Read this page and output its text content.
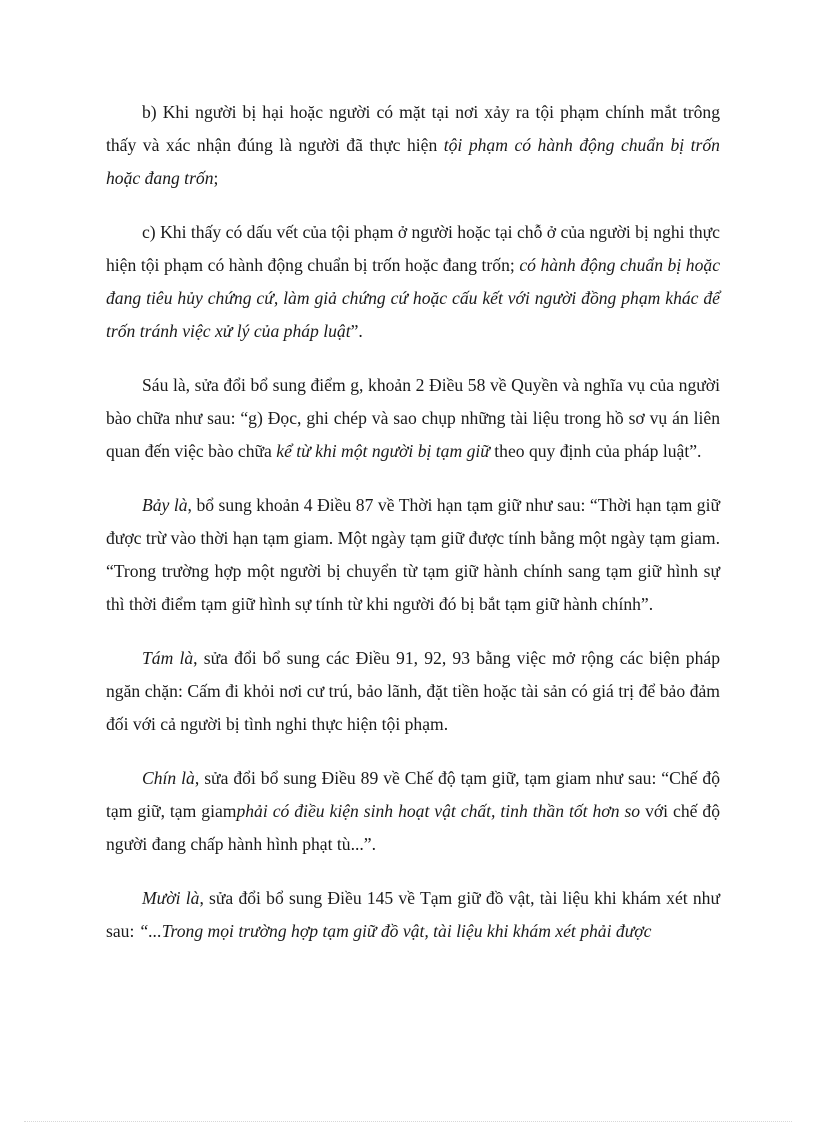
b) Khi người bị hại hoặc người có mặt tại nơi xảy ra tội phạm chính mắt trông thấy và xác nhận đúng là người đã thực hiện tội phạm có hành động chuẩn bị trốn hoặc đang trốn;

c) Khi thấy có dấu vết của tội phạm ở người hoặc tại chỗ ở của người bị nghi thực hiện tội phạm có hành động chuẩn bị trốn hoặc đang trốn; có hành động chuẩn bị hoặc đang tiêu hủy chứng cứ, làm giả chứng cứ hoặc cấu kết với người đồng phạm khác để trốn tránh việc xử lý của pháp luật”.

Sáu là, sửa đổi bổ sung điểm g, khoản 2 Điều 58 về Quyền và nghĩa vụ của người bào chữa như sau: “g) Đọc, ghi chép và sao chụp những tài liệu trong hồ sơ vụ án liên quan đến việc bào chữa kể từ khi một người bị tạm giữ theo quy định của pháp luật”.

Bảy là, bổ sung khoản 4 Điều 87 về Thời hạn tạm giữ như sau: “Thời hạn tạm giữ được trừ vào thời hạn tạm giam. Một ngày tạm giữ được tính bằng một ngày tạm giam. “Trong trường hợp một người bị chuyển từ tạm giữ hành chính sang tạm giữ hình sự thì thời điểm tạm giữ hình sự tính từ khi người đó bị bắt tạm giữ hành chính”.

Tám là, sửa đổi bổ sung các Điều 91, 92, 93 bằng việc mở rộng các biện pháp ngăn chặn: Cấm đi khỏi nơi cư trú, bảo lãnh, đặt tiền hoặc tài sản có giá trị để bảo đảm đối với cả người bị tình nghi thực hiện tội phạm.

Chín là, sửa đổi bổ sung Điều 89 về Chế độ tạm giữ, tạm giam như sau: “Chế độ tạm giữ, tạm giamphải có điều kiện sinh hoạt vật chất, tinh thần tốt hơn so với chế độ người đang chấp hành hình phạt tù...”.

Mười là, sửa đổi bổ sung Điều 145 về Tạm giữ đồ vật, tài liệu khi khám xét như sau: “...Trong mọi trường hợp tạm giữ đồ vật, tài liệu khi khám xét phải được
